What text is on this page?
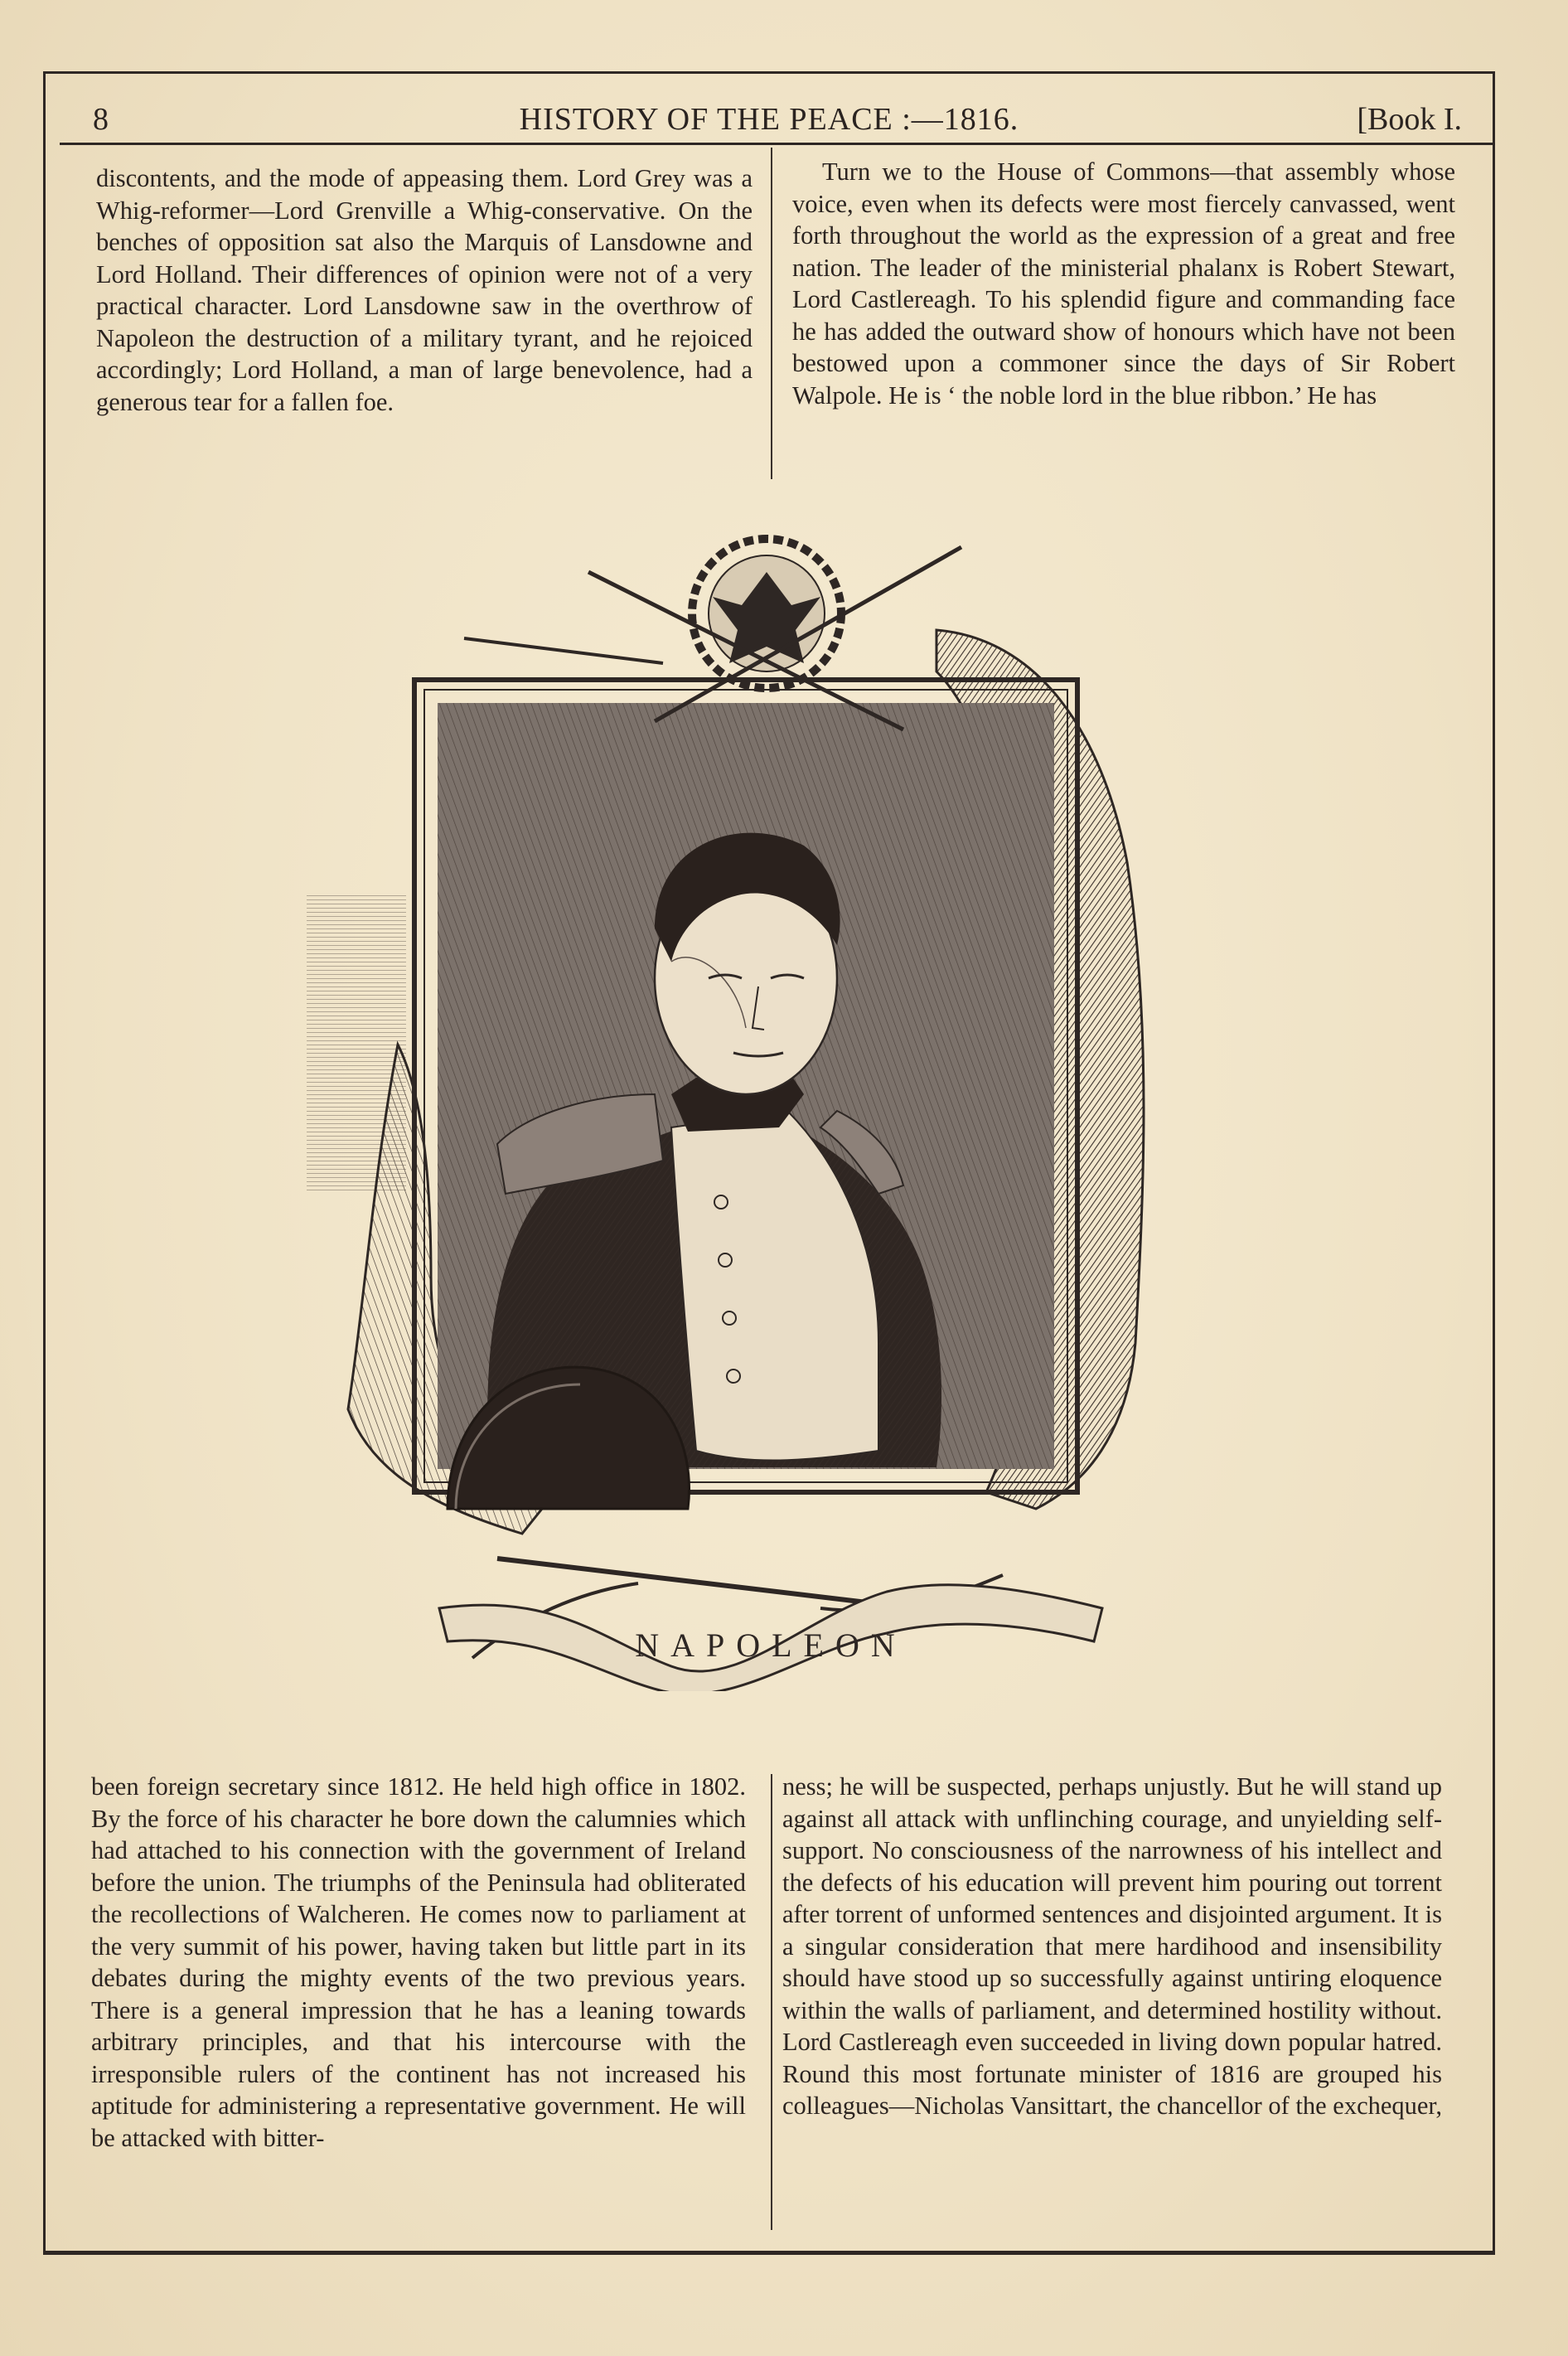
8	HISTORY OF THE PEACE :—1816.	[Book I.

discontents, and the mode of appeasing them. Lord Grey was a Whig-reformer—Lord Grenville a Whig-conservative. On the benches of opposition sat also the Marquis of Lansdowne and Lord Holland. Their differences of opinion were not of a very practical character. Lord Lansdowne saw in the overthrow of Napoleon the destruction of a military tyrant, and he rejoiced accordingly; Lord Holland, a man of large benevolence, had a generous tear for a fallen foe.

Turn we to the House of Commons—that assembly whose voice, even when its defects were most fiercely canvassed, went forth throughout the world as the expression of a great and free nation. The leader of the ministerial phalanx is Robert Stewart, Lord Castlereagh. To his splendid figure and commanding face he has added the outward show of honours which have not been bestowed upon a commoner since the days of Sir Robert Walpole. He is ‘ the noble lord in the blue ribbon.’ He has

NAPOLEON

been foreign secretary since 1812. He held high office in 1802. By the force of his character he bore down the calumnies which had attached to his connection with the government of Ireland before the union. The triumphs of the Peninsula had obliterated the recollections of Walcheren. He comes now to parliament at the very summit of his power, having taken but little part in its debates during the mighty events of the two previous years. There is a general impression that he has a leaning towards arbitrary principles, and that his intercourse with the irresponsible rulers of the continent has not increased his aptitude for administering a representative government. He will be attacked with bitter-

ness; he will be suspected, perhaps unjustly. But he will stand up against all attack with unflinching courage, and unyielding self-support. No consciousness of the narrowness of his intellect and the defects of his education will prevent him pouring out torrent after torrent of unformed sentences and disjointed argument. It is a singular consideration that mere hardihood and insensibility should have stood up so successfully against untiring eloquence within the walls of parliament, and determined hostility without. Lord Castlereagh even succeeded in living down popular hatred. Round this most fortunate minister of 1816 are grouped his colleagues—Nicholas Vansittart, the chancellor of the exchequer,
